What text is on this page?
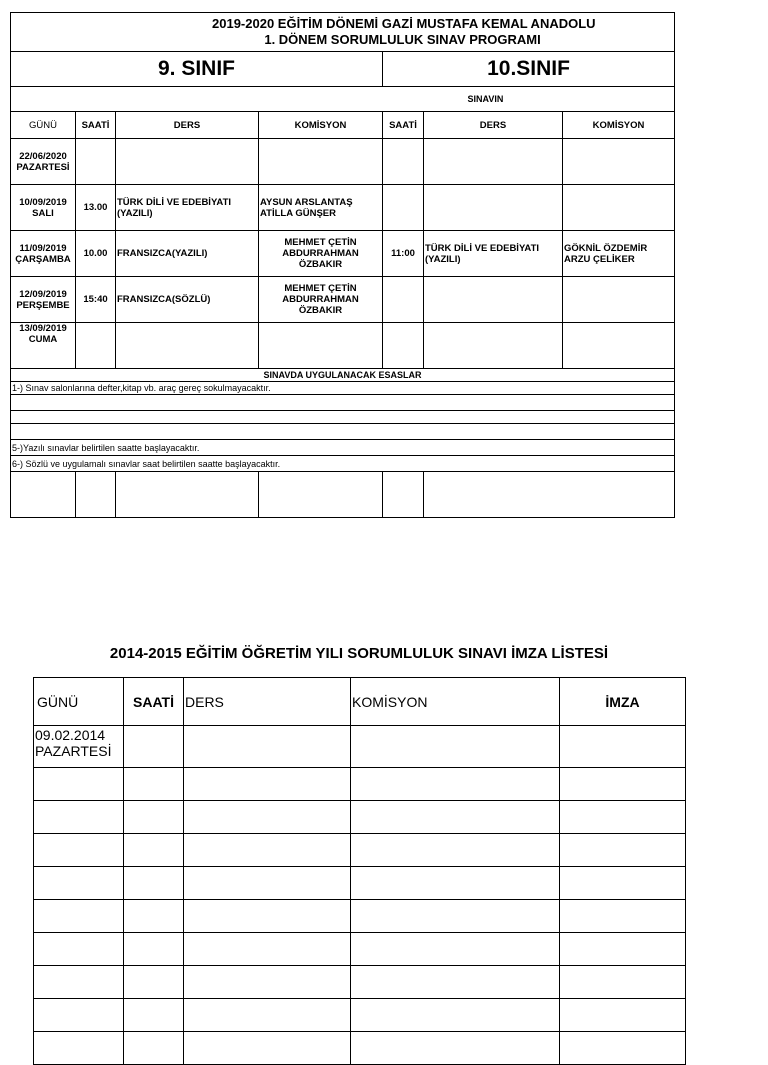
2019-2020 EĞİTİM DÖNEMİ GAZİ MUSTAFA KEMAL ANADOLU
1. DÖNEM SORUMLULUK SINAV PROGRAMI						

9. SINIF				10.SINIF		
				SINAVIN		
GÜNÜ	SAATİ	DERS	KOMİSYON	SAATİ	DERS	KOMİSYON
22/06/2020
PAZARTESİ						
10/09/2019
SALI	13.00	TÜRK DİLİ VE EDEBİYATI (YAZILI)	AYSUN ARSLANTAŞ ATİLLA GÜNŞER			
11/09/2019
ÇARŞAMBA	10.00	FRANSIZCA(YAZILI)	MEHMET ÇETİN ABDURRAHMAN ÖZBAKIR	11:00	TÜRK DİLİ VE EDEBİYATI (YAZILI)	GÖKNİL ÖZDEMİR ARZU ÇELİKER
12/09/2019
PERŞEMBE	15:40	FRANSIZCA(SÖZLÜ)	MEHMET ÇETİN ABDURRAHMAN ÖZBAKIR			
13/09/2019
CUMA						
SINAVDA UYGULANACAK ESASLAR						
1-) Sınav salonlarına defter,kitap vb. araç gereç sokulmayacaktır.						

5-)Yazılı sınavlar belirtilen saatte başlayacaktır.						
6-) Sözlü ve uygulamalı sınavlar saat belirtilen saatte başlayacaktır.						

2014-2015 EĞİTİM ÖĞRETİM YILI SORUMLULUK SINAVI İMZA LİSTESİ
GÜNÜ	SAATİ	DERS	KOMİSYON	İMZA
09.02.2014
PAZARTESİ				
